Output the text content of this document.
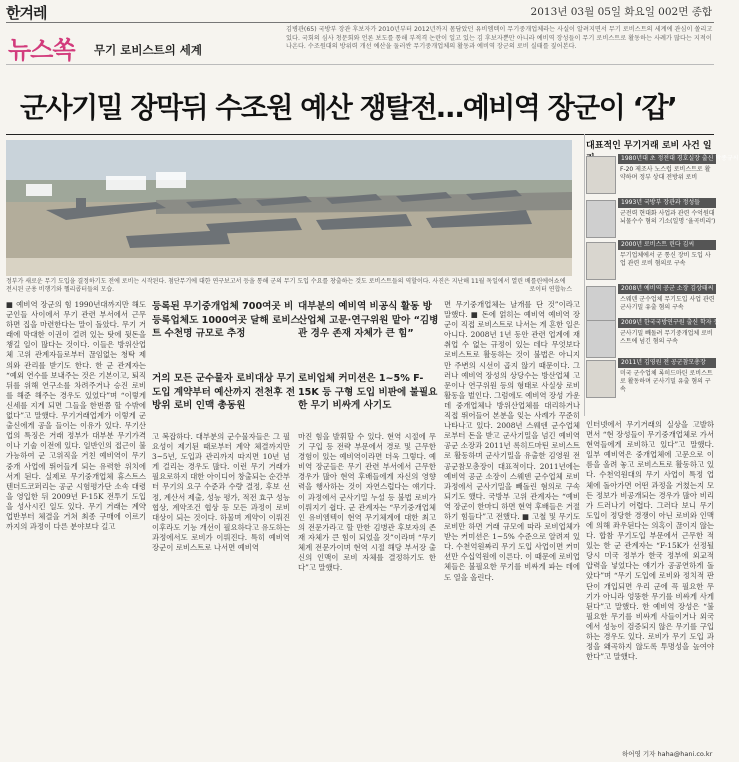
한겨레	2013년 03월 05일 화요일 002면 종합
뉴스쏙 무기 로비스트의 세계
김병관(65) 국방부 장관 후보자가 2010년부터 2012년까지 몸담았던 유비엠텍이 무기중개업체라는 사실이 알려지면서 무기 로비스트의 세계에 관심이 쏠리고 있다. 국회의 심사 청문회와 언론 보도를 통해 부적격 논란이 일고 있는 김 후보자뿐만 아니라 예비역 장성들이 무기 로비스트로 활동하는 사례가 많다는 지적이 나온다. 수조원대의 방위력 개선 예산을 둘러싼 무기중개업체의 활동과 예비역 장군의 로비 실태를 짚어본다.
군사기밀 장막뒤 수조원 예산 쟁탈전…예비역 장군이 ‘갑’
정부가 새로운 무기 도입을 결정하기도 전에 로비는 시작된다. 첨단무기에 대한 연구보고서 등을 통해 군의 무기 도입 수요를 창출하는 것도 로비스트들의 역할이다. 사진은 지난해 11월 독일에서 열린 베를린에어쇼에 전시된 군용 비행기와 헬리콥터들의 모습.	로이터 연합뉴스
대표적인 무기거래 로비 사건 일
1980년대 초 정전대 경호실장 출신 박종규씨
F-20 제조사 노스럽 로비스트로 활약하며 정부 상대 전방위 로비
1993년 국방부 장관과 정성들
군전력 현대화 사업과 관련 수억원대 뇌물수수 혐의 기소(일명 ‘율곡비리’)
2000년 로비스트 린다 김씨
무기업체에서 군 통신 장비 도입 사업 관련 로비 혐의로 구속
2008년 예비역 공군 소장 김상태씨
스웨덴 군수업체 무기도입 사업 관련 군사기밀 유출 혐의 구속
2009년 한국국방연구원 출신 학자 등
군사기밀 빼돌려 무기중개업체 로비스트에 넘긴 혐의 구속
2011년 김영원 전 공군참모총장
미국 군수업체 록히드마틴 로비스트로 활동하며 군사기밀 유출 혐의 구속
■ 예비역 장군의 힘 1990년대까지만 해도 군인들 사이에서 무기 관련 부서에서 근무하면 집을 마련한다는 말이 돌았다. 무기 거래에 막대한 이권이 걸려 있는 탓에 뒷돈을 챙길 일이 많다는 것이다. 이들은 방위산업체 고위 관계자들로부터 끊임없는 청탁 제의와 관리를 받기도 한다. 한 군 관계자는 “예외 연수를 보내주는 것은 기본이고, 퇴직 뒤를 위해 연구소를 차려주거나 승진 로비를 해준 해주는 경우도 있었다”며 “이렇게 신세를 지게 되면 그들을 한번쯤 할 수밖에 없다”고 말했다. 무기거래업계가 이렇게 군 출신에게 공을 들이는 이유가 있다. 무기산업의 특징은 거래 정부가 대부분 무기가격이나 기술 이전에 있다. 일반인의 접근이 불가능하여 군 고위직을 거친 예비역이 무기중개 사업에 뛰어들게 되는 유력한 위치에 서게 된다. 실제로 무기중개업체 휴스트스텐더드코퍼리는 공군 시험평가단 소속 대령을 영입한 뒤 2009년 F-15K 전투기 도입을 성사시킨 일도 있다. 무기 거래는 계약 업반부터 체결을 거쳐 최종 구매에 이르기까지의 과정이 다른 분야보다 길고
등록된 무기중개업체 700여곳 비등록업체도 1000여곳 달해 로비스트 수천명 규모로 추정
거의 모든 군수물자 로비대상 무기 도입 계약부터 예산까지 전천후 전방위 로비 인맥 총동원
대부분의 예비역 비공식 활동 방산업체 고문·연구위원 맡아 “김병관 경우 존재 자체가 큰 힘”
로비업체 커미션은 1~5% F-15K 등 구형 도입 비판에 불필요한 무기 비싸게 사기도
고 복잡하다. 대부분의 군수물자들은 그 필요성이 제기된 때로부터 계약 체결까지만 3~5년, 도입과 관리까지 따지면 10년 넘게 걸리는 경우도 많다. 이런 무기 거래가 필요로하지 대한 아이디어 창출되는 순간부터 무기의 요구 수준과 수량 결정, 후보 선정, 계산서 제출, 성능 평가, 적전 효구 성능 협상, 계약조건 협상 등 모든 과정이 로비 대상이 되는 것이다. 하물며 계약이 이뤄진 이후라도 기능 개선이 필요하다고 유도하는 과정에서도 로비가 이뤄진다. 특히 예비역 장군이 로비스트로 나서면 예비역
마진 힘을 발휘할 수 있다. 현역 시절에 무기 구입 등 전략 부문에서 경로 및 근무한 경험이 있는 예비역이라면 더욱 그렇다. 예비역 장군들은 무기 관련 부서에서 근무한 경우가 많아 현역 후배들에게 자신의 영향력을 행사하는 것이 자연스럽다는 얘기다. 이 과정에서 군사기밀 누설 등 불법 로비가 이뤄지기 쉽다. 군 관계자는 “무기중개업체인 유비엠텍이 현역 무기체계에 대한 최고의 전문가라고 할 만한 김병관 후보자의 존재 자체가 큰 힘이 되었을 것”이라며 “무기체계 전문가이며 현역 시절 해당 부서장 출신의 인맥이 로비 자체를 결정하기도 한다”고 말했다.
면 무기중개업체는 날개를 단 것”이라고 말했다. ■ 돈에 얽히는 예비역 예비역 장군이 직접 로비스트로 나서는 게 흔한 일은 아니다. 2008년 1년 동안 관련 업계에 재취업 수 없는 규정이 있는 데다 무엇보다 로비스트로 활동하는 것이 불법은 아니지만 주변의 시선이 곱지 않기 때문이다. 그러나 예비역 장성의 상당수는 방산업체 고문이나 연구위원 등의 형태로 사실상 로비 활동을 벌인다. 그럼에도 예비역 장성 가운데 중개업체나 방위산업체를 대리하거나 직접 뛰어들어 본분을 잊는 사례가 꾸준히 나타나고 있다. 2008년 스웨덴 군수업체로부터 돈을 받고 군사기밀을 넘긴 예비역 공군 소장과 2011년 록히드마틴 로비스트로 활동하며 군사기밀을 유출한 김영원 전 공군참모총장이 대표적이다. 2011년에는 예비역 공군 소장이 스웨덴 군수업체 로비 과정에서 군사기밀을 빼돌린 혐의로 구속되기도 했다. 국방부 고위 관계자는 “예비역 장군이 한마디 하면 현역 후배들은 거절하기 힘들다”고 전했다. ■ 고철 및 무기도 로비만 하면 거래 규모에 따라 로비업체가 받는 커미션은 1~5% 수준으로 알려져 있다. 수천억원짜리 무기 도입 사업이면 커미션만 수십억원에 이른다. 이 때문에 로비업체들은 불필요한 무기를 비싸게 파는 데에도 열을 올린다.
인터넷에서 무기거래의 실상을 고발하면서 “현 장성들이 무기중개업체로 가서 현역들에게 로비하고 있다”고 말했다. 일부 예비역은 중개업체에 고문으로 이름을 올려 놓고 로비스트로 활동하고 있다. 수천억원대의 무기 사업이 특정 업체에 돌아가면 어떤 과정을 거쳤는지 모든 정보가 비공개되는 경우가 많아 비리가 드러나기 어렵다. 그러다 보니 무기 도입이 정당한 경쟁이 아닌 로비와 인맥에 의해 좌우된다는 의혹이 끊이지 않는다. 합참 무기도입 부문에서 근무한 적 있는 한 군 관계자는 “F-15K가 선정될 당시 미국 정부가 한국 정부에 외교적 압력을 넣었다는 얘기가 공공연하게 돌았다”며 “무기 도입에 로비와 정치적 판단이 개입되면 우리 군에 꼭 필요한 무기가 아니라 엉뚱한 무기를 비싸게 사게 된다”고 말했다. 한 예비역 장성은 “불필요한 무기를 비싸게 사들이거나 외국에서 성능이 검증되지 않은 무기를 구입하는 경우도 있다. 로비가 무기 도입 과정을 왜곡하지 않도록 투명성을 높여야 한다”고 말했다.
하어영 기자 haha@hani.co.kr
